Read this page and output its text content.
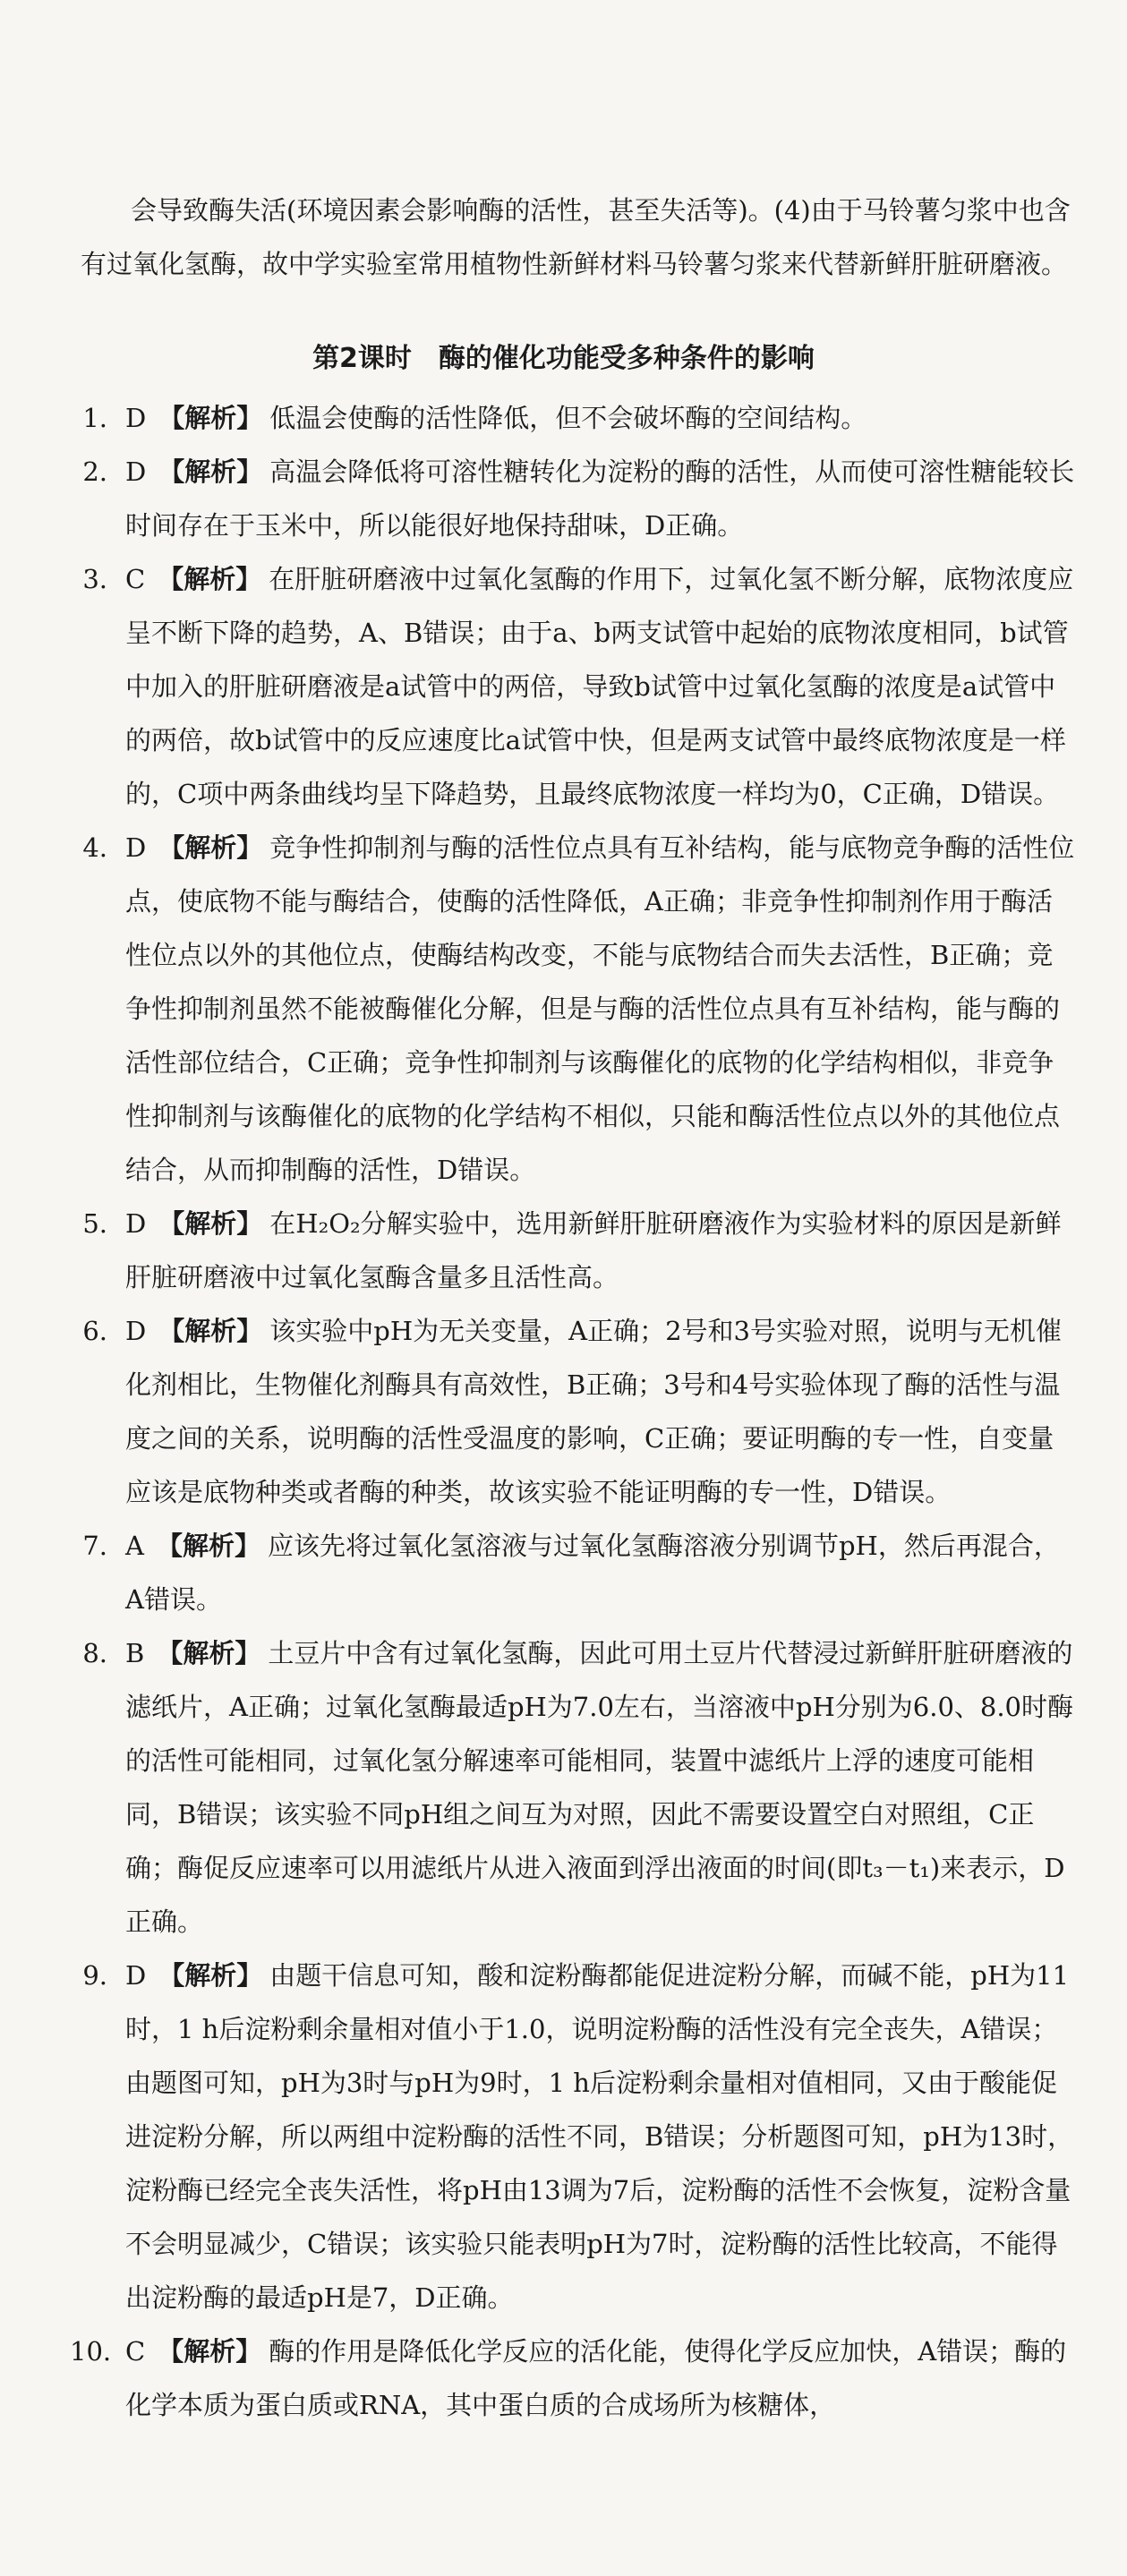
会导致酶失活(环境因素会影响酶的活性，甚至失活等)。(4)由于马铃薯匀浆中也含有过氧化氢酶，故中学实验室常用植物性新鲜材料马铃薯匀浆来代替新鲜肝脏研磨液。

第2课时　酶的催化功能受多种条件的影响
1. D 【解析】 低温会使酶的活性降低，但不会破坏酶的空间结构。
2. D 【解析】 高温会降低将可溶性糖转化为淀粉的酶的活性，从而使可溶性糖能较长时间存在于玉米中，所以能很好地保持甜味，D正确。
3. C 【解析】 在肝脏研磨液中过氧化氢酶的作用下，过氧化氢不断分解，底物浓度应呈不断下降的趋势，A、B错误；由于a、b两支试管中起始的底物浓度相同，b试管中加入的肝脏研磨液是a试管中的两倍，导致b试管中过氧化氢酶的浓度是a试管中的两倍，故b试管中的反应速度比a试管中快，但是两支试管中最终底物浓度是一样的，C项中两条曲线均呈下降趋势，且最终底物浓度一样均为0，C正确，D错误。
4. D 【解析】 竞争性抑制剂与酶的活性位点具有互补结构，能与底物竞争酶的活性位点，使底物不能与酶结合，使酶的活性降低，A正确；非竞争性抑制剂作用于酶活性位点以外的其他位点，使酶结构改变，不能与底物结合而失去活性，B正确；竞争性抑制剂虽然不能被酶催化分解，但是与酶的活性位点具有互补结构，能与酶的活性部位结合，C正确；竞争性抑制剂与该酶催化的底物的化学结构相似，非竞争性抑制剂与该酶催化的底物的化学结构不相似，只能和酶活性位点以外的其他位点结合，从而抑制酶的活性，D错误。
5. D 【解析】 在H₂O₂分解实验中，选用新鲜肝脏研磨液作为实验材料的原因是新鲜肝脏研磨液中过氧化氢酶含量多且活性高。
6. D 【解析】 该实验中pH为无关变量，A正确；2号和3号实验对照，说明与无机催化剂相比，生物催化剂酶具有高效性，B正确；3号和4号实验体现了酶的活性与温度之间的关系，说明酶的活性受温度的影响，C正确；要证明酶的专一性，自变量应该是底物种类或者酶的种类，故该实验不能证明酶的专一性，D错误。
7. A 【解析】 应该先将过氧化氢溶液与过氧化氢酶溶液分别调节pH，然后再混合，A错误。
8. B 【解析】 土豆片中含有过氧化氢酶，因此可用土豆片代替浸过新鲜肝脏研磨液的滤纸片，A正确；过氧化氢酶最适pH为7.0左右，当溶液中pH分别为6.0、8.0时酶的活性可能相同，过氧化氢分解速率可能相同，装置中滤纸片上浮的速度可能相同，B错误；该实验不同pH组之间互为对照，因此不需要设置空白对照组，C正确；酶促反应速率可以用滤纸片从进入液面到浮出液面的时间(即t₃－t₁)来表示，D正确。
9. D 【解析】 由题干信息可知，酸和淀粉酶都能促进淀粉分解，而碱不能，pH为11时，1 h后淀粉剩余量相对值小于1.0，说明淀粉酶的活性没有完全丧失，A错误；由题图可知，pH为3时与pH为9时，1 h后淀粉剩余量相对值相同，又由于酸能促进淀粉分解，所以两组中淀粉酶的活性不同，B错误；分析题图可知，pH为13时，淀粉酶已经完全丧失活性，将pH由13调为7后，淀粉酶的活性不会恢复，淀粉含量不会明显减少，C错误；该实验只能表明pH为7时，淀粉酶的活性比较高，不能得出淀粉酶的最适pH是7，D正确。
10. C 【解析】 酶的作用是降低化学反应的活化能，使得化学反应加快，A错误；酶的化学本质为蛋白质或RNA，其中蛋白质的合成场所为核糖体，
